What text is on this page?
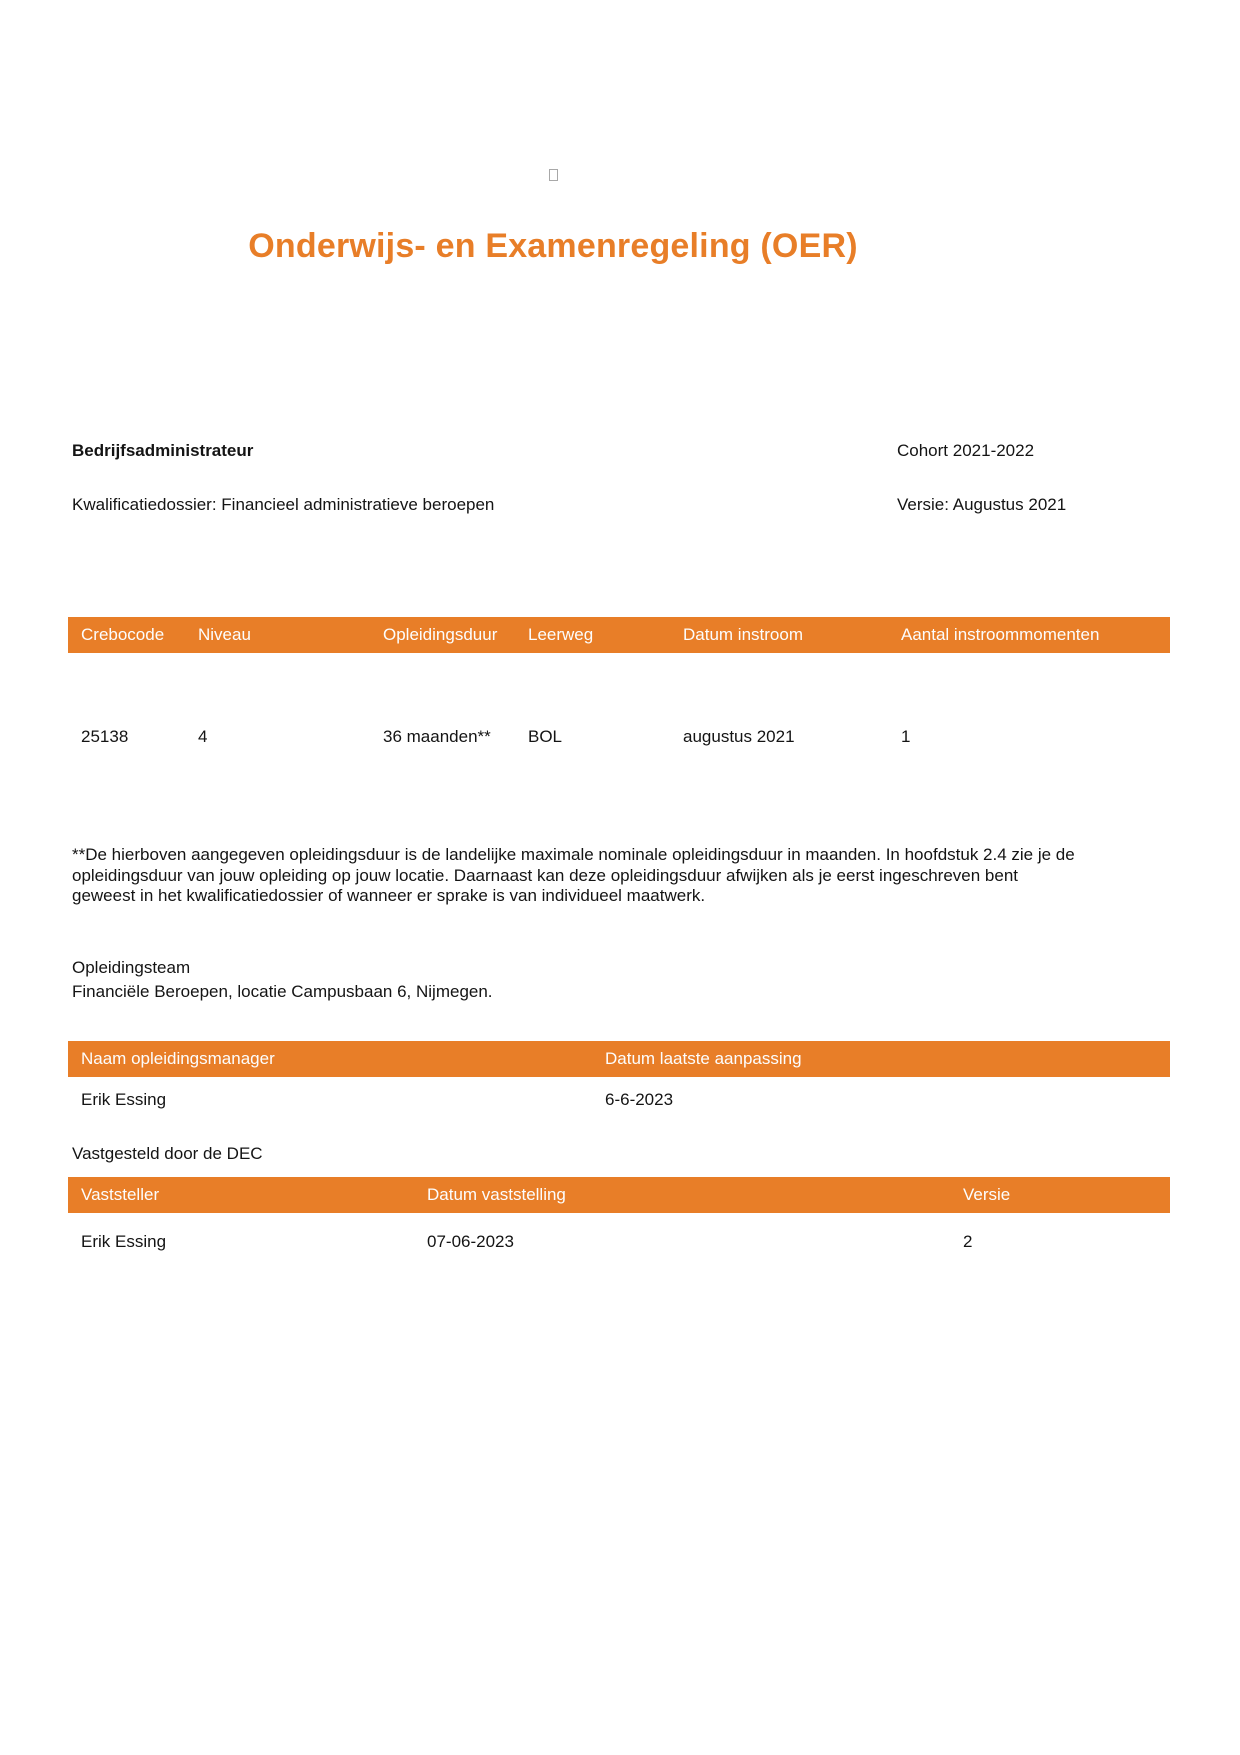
Onderwijs- en Examenregeling (OER)
Bedrijfsadministrateur	Cohort 2021-2022
Kwalificatiedossier: Financieel administratieve beroepen	Versie: Augustus 2021
Crebocode	Niveau	Opleidingsduur	Leerweg	Datum instroom	Aantal instroommomenten
25138	4	36 maanden**	BOL	augustus 2021	1

**De hierboven aangegeven opleidingsduur is de landelijke maximale nominale opleidingsduur in maanden. In hoofdstuk 2.4 zie je de opleidingsduur van jouw opleiding op jouw locatie. Daarnaast kan deze opleidingsduur afwijken als je eerst ingeschreven bent geweest in het kwalificatiedossier of wanneer er sprake is van individueel maatwerk.

Opleidingsteam
Financiële Beroepen, locatie Campusbaan 6, Nijmegen.
Naam opleidingsmanager	Datum laatste aanpassing
Erik Essing	6-6-2023
Vastgesteld door de DEC
Vaststeller	Datum vaststelling	Versie
Erik Essing	07-06-2023	2
